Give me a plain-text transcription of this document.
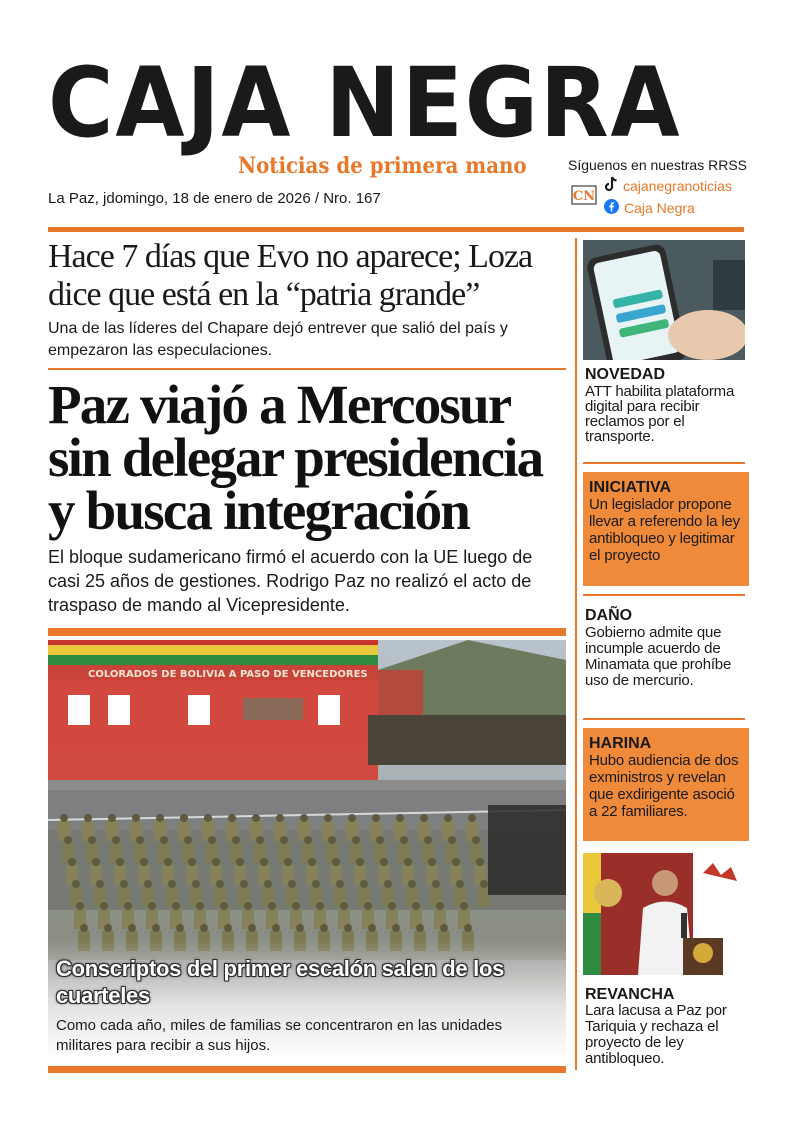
CAJA NEGRA
Noticias de primera mano
La Paz, jdomingo, 18 de enero de 2026 / Nro. 167
Síguenos en nuestras RRSS
CN
cajanegranoticias
Caja Negra
Hace 7 días que Evo no aparece; Loza dice que está en la “patria grande”
Una de las líderes del Chapare dejó entrever que salió del país y empezaron las especulaciones.
Paz viajó a Mercosur sin delegar presidencia y busca integración
El bloque sudamericano firmó el acuerdo con la UE luego de casi 25 años de gestiones. Rodrigo Paz no realizó el acto de traspaso de mando al Vicepresidente.
COLORADOS DE BOLIVIA A PASO DE VENCEDORES
Conscriptos del primer escalón salen de los cuarteles
Como cada año, miles de familias se concentraron en las unidades militares para recibir a sus hijos.
NOVEDAD
ATT habilita plataforma digital para recibir reclamos por el transporte.
INICIATIVA
Un legislador propone llevar a referendo la ley antibloqueo y legitimar el proyecto
DAÑO
Gobierno admite que incumple acuerdo de Minamata que prohíbe uso de mercurio.
HARINA
Hubo audiencia de dos exministros y revelan que exdirigente asoció a 22 familiares.
REVANCHA
Lara lacusa a Paz por Tariquia y rechaza el proyecto de ley antibloqueo.
